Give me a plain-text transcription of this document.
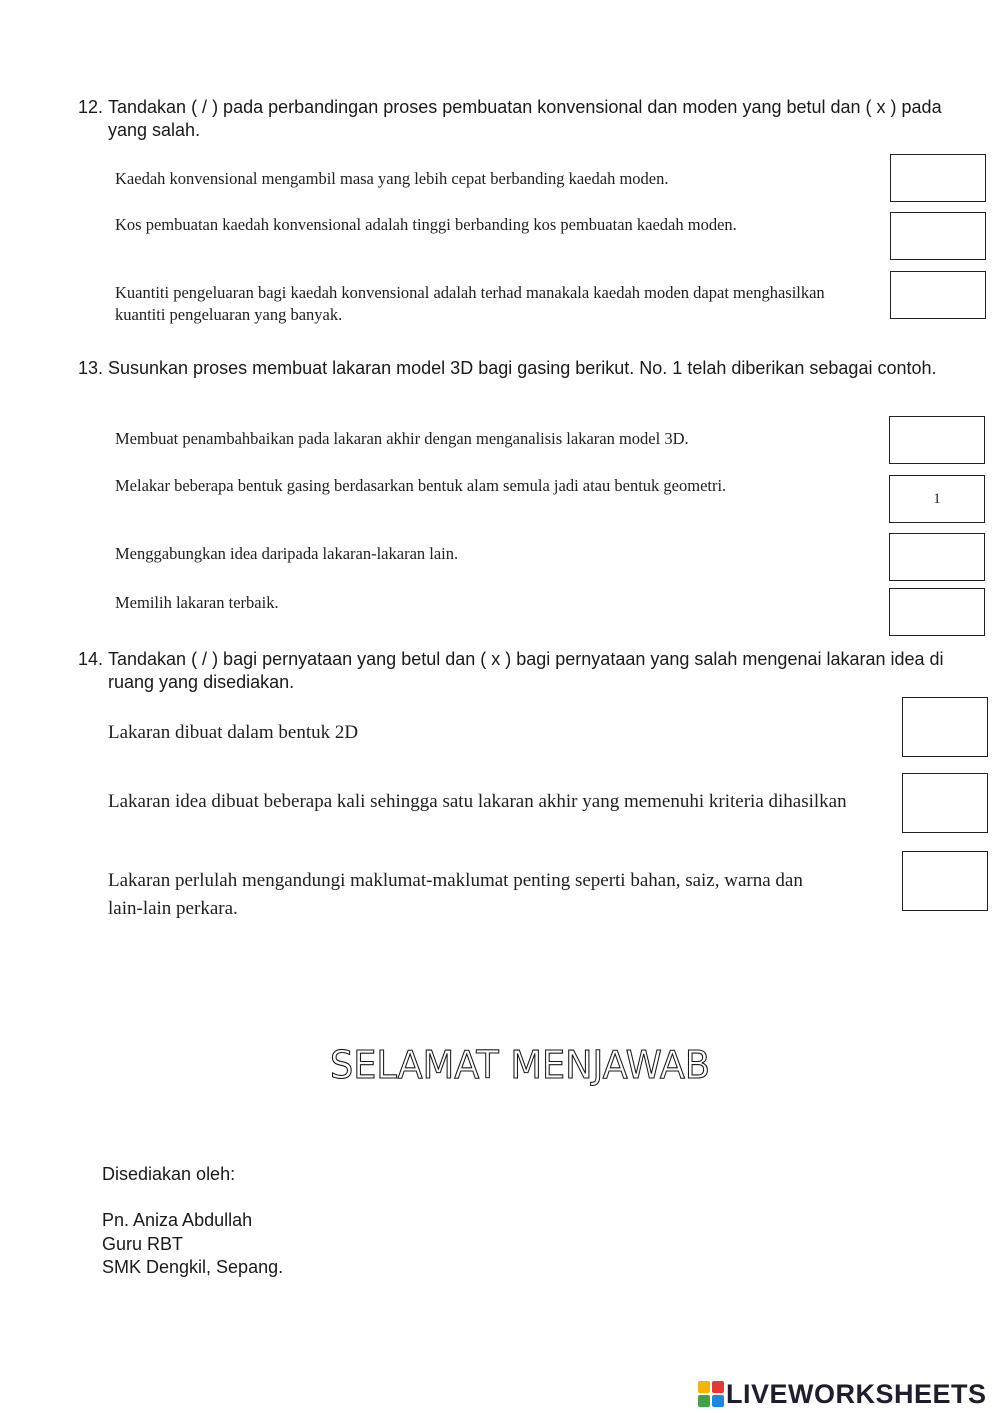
12. Tandakan ( / ) pada perbandingan proses pembuatan konvensional dan moden yang betul dan ( x ) pada yang salah.
Kaedah konvensional mengambil masa yang lebih cepat berbanding kaedah moden.
Kos pembuatan kaedah konvensional adalah tinggi berbanding kos pembuatan kaedah moden.
Kuantiti pengeluaran bagi kaedah konvensional adalah terhad manakala kaedah moden dapat menghasilkan kuantiti pengeluaran yang banyak.
13. Susunkan proses membuat lakaran model 3D bagi gasing berikut. No. 1 telah diberikan sebagai contoh.
Membuat penambahbaikan pada lakaran akhir dengan menganalisis lakaran model 3D.
Melakar beberapa bentuk gasing berdasarkan bentuk alam semula jadi atau bentuk geometri.
1
Menggabungkan idea daripada lakaran-lakaran lain.
Memilih lakaran terbaik.
14. Tandakan ( / ) bagi pernyataan yang betul dan ( x ) bagi pernyataan yang salah mengenai lakaran idea di ruang yang disediakan.
Lakaran dibuat dalam bentuk 2D
Lakaran idea dibuat beberapa kali sehingga satu lakaran akhir yang memenuhi kriteria dihasilkan
Lakaran perlulah mengandungi maklumat-maklumat penting seperti bahan, saiz, warna dan lain-lain perkara.
SELAMAT MENJAWAB
Disediakan oleh:
Pn. Aniza Abdullah
Guru RBT
SMK Dengkil, Sepang.
LIVEWORKSHEETS
